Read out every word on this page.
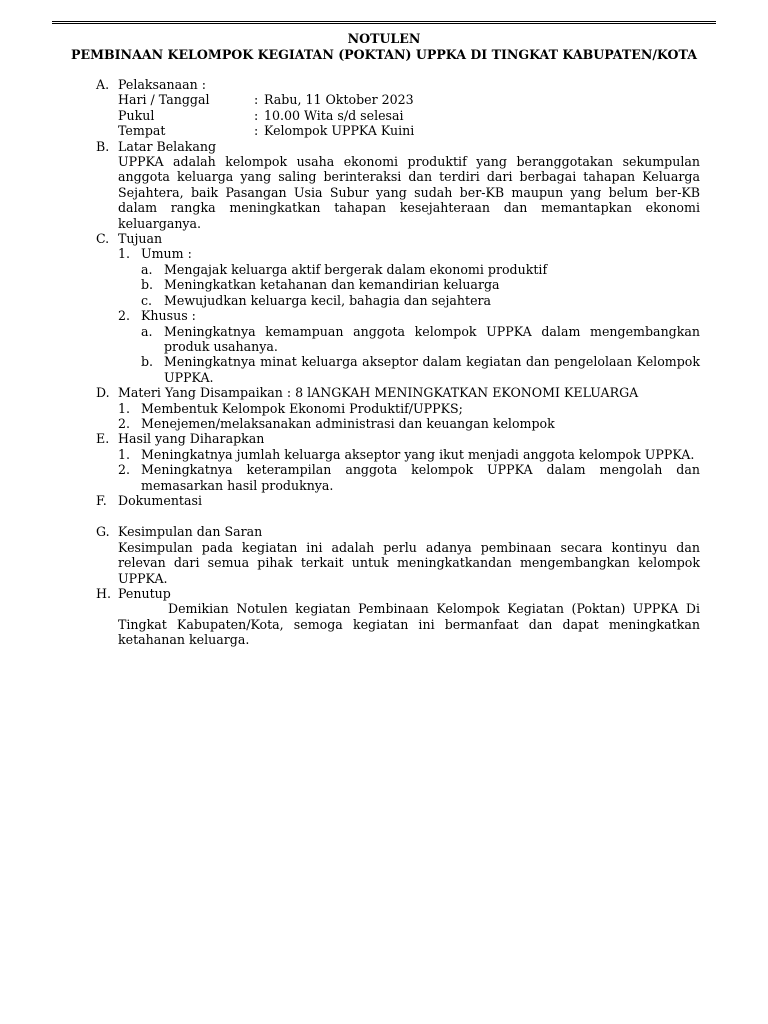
NOTULEN
PEMBINAAN KELOMPOK KEGIATAN (POKTAN) UPPKA DI TINGKAT KABUPATEN/KOTA
A. Pelaksanaan :
Hari / Tanggal	: Rabu, 11 Oktober 2023
Pukul	: 10.00 Wita s/d selesai
Tempat	: Kelompok UPPKA Kuini
B. Latar Belakang
UPPKA adalah kelompok usaha ekonomi produktif yang beranggotakan sekumpulan anggota keluarga yang saling berinteraksi dan terdiri dari berbagai tahapan Keluarga Sejahtera, baik Pasangan Usia Subur yang sudah ber-KB maupun yang belum ber-KB dalam rangka meningkatkan tahapan kesejahteraan dan memantapkan ekonomi keluarganya.
C. Tujuan
1. Umum :
a. Mengajak keluarga aktif bergerak dalam ekonomi produktif
b. Meningkatkan ketahanan dan kemandirian keluarga
c. Mewujudkan keluarga kecil, bahagia dan sejahtera
2. Khusus :
a. Meningkatnya kemampuan anggota kelompok UPPKA dalam mengembangkan produk usahanya.
b. Meningkatnya minat keluarga akseptor dalam kegiatan dan pengelolaan Kelompok UPPKA.
D. Materi Yang Disampaikan : 8 lANGKAH MENINGKATKAN EKONOMI KELUARGA
1. Membentuk Kelompok Ekonomi Produktif/UPPKS;
2. Menejemen/melaksanakan administrasi dan keuangan kelompok
E. Hasil yang Diharapkan
1. Meningkatnya jumlah keluarga akseptor yang ikut menjadi anggota kelompok UPPKA.
2. Meningkatnya keterampilan anggota kelompok UPPKA dalam mengolah dan memasarkan hasil produknya.
F. Dokumentasi
G. Kesimpulan dan Saran
Kesimpulan pada kegiatan ini adalah perlu adanya pembinaan secara kontinyu dan relevan dari semua pihak terkait untuk meningkatkandan mengembangkan kelompok UPPKA.
H. Penutup
Demikian Notulen kegiatan Pembinaan Kelompok Kegiatan (Poktan) UPPKA Di Tingkat Kabupaten/Kota, semoga kegiatan ini bermanfaat dan dapat meningkatkan ketahanan keluarga.
